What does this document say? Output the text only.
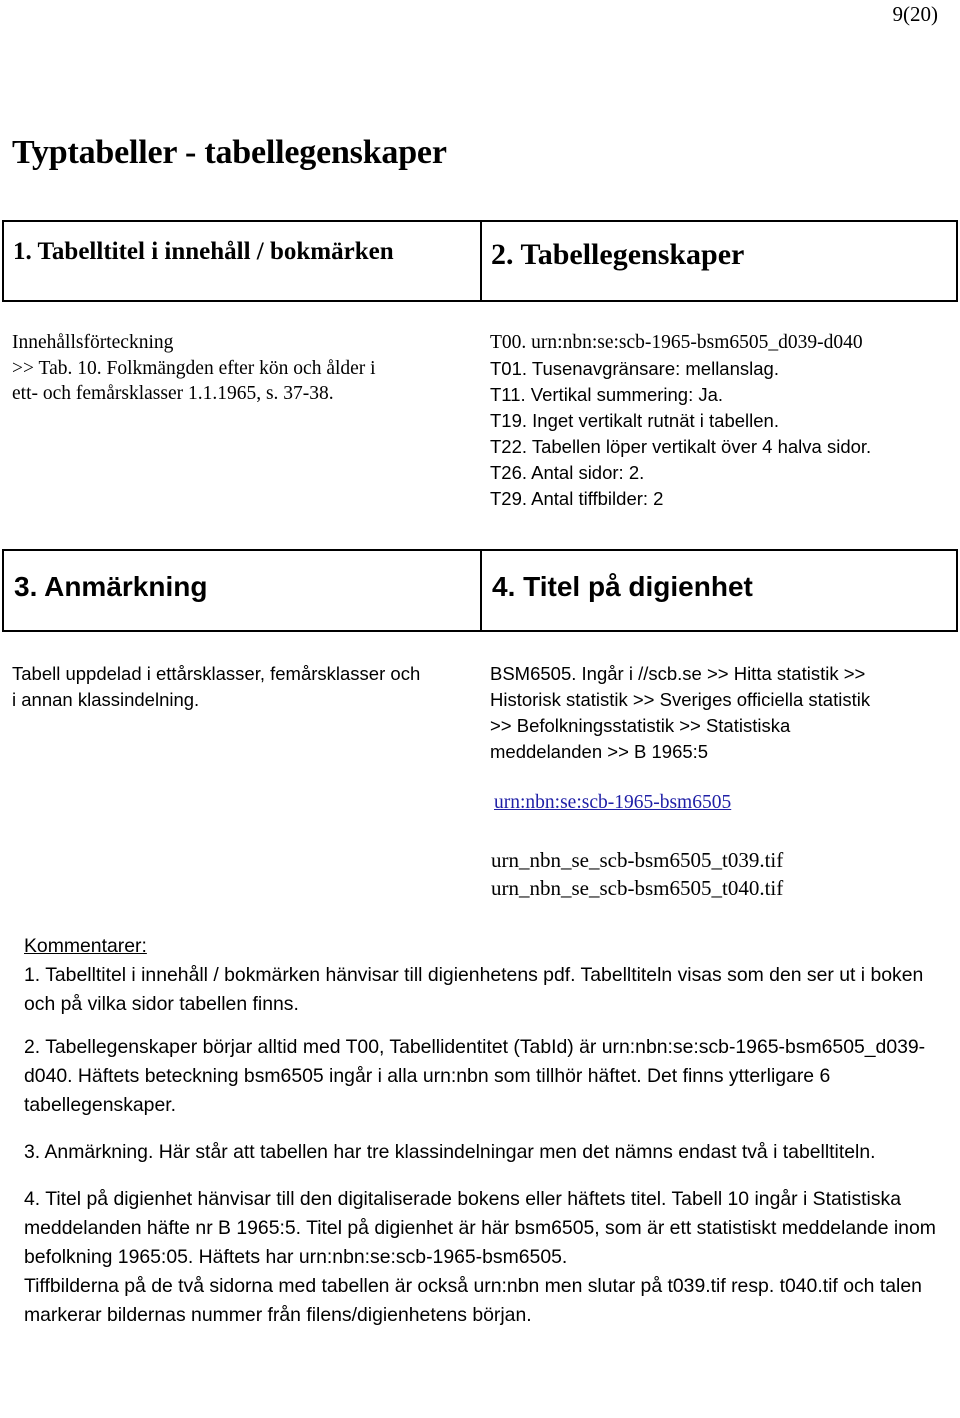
9(20)
Typtabeller - tabellegenskaper
1. Tabelltitel i innehåll / bokmärken	2. Tabellegenskaper
Innehållsförteckning
>> Tab. 10. Folkmängden efter kön och ålder i
ett- och femårsklasser 1.1.1965, s. 37-38.
T00. urn:nbn:se:scb-1965-bsm6505_d039-d040
T01. Tusenavgränsare: mellanslag.
T11. Vertikal summering: Ja.
T19. Inget vertikalt rutnät i tabellen.
T22. Tabellen löper vertikalt över 4 halva sidor.
T26. Antal sidor: 2.
T29. Antal tiffbilder: 2
3. Anmärkning	4. Titel på digienhet
Tabell uppdelad i ettårsklasser, femårsklasser och
i annan klassindelning.
BSM6505. Ingår i //scb.se >> Hitta statistik >>
Historisk statistik >> Sveriges officiella statistik
>> Befolkningsstatistik >> Statistiska
meddelanden >> B 1965:5
urn:nbn:se:scb-1965-bsm6505
urn_nbn_se_scb-bsm6505_t039.tif
urn_nbn_se_scb-bsm6505_t040.tif

Kommentarer:

1. Tabelltitel i innehåll / bokmärken hänvisar till digienhetens pdf. Tabelltiteln visas som den ser ut i boken och på vilka sidor tabellen finns.

2. Tabellegenskaper börjar alltid med T00, Tabellidentitet (TabId) är urn:nbn:se:scb-1965-bsm6505_d039-d040. Häftets beteckning bsm6505 ingår i alla urn:nbn som tillhör häftet. Det finns ytterligare 6 tabellegenskaper.

3. Anmärkning. Här står att tabellen har tre klassindelningar men det nämns endast två i tabelltiteln.

4. Titel på digienhet hänvisar till den digitaliserade bokens eller häftets titel. Tabell 10 ingår i Statistiska meddelanden häfte nr B 1965:5. Titel på digienhet är här bsm6505, som är ett statistiskt meddelande inom befolkning 1965:05. Häftets har urn:nbn:se:scb-1965-bsm6505.

Tiffbilderna på de två sidorna med tabellen är också urn:nbn men slutar på t039.tif resp. t040.tif och talen markerar bildernas nummer från filens/digienhetens början.
